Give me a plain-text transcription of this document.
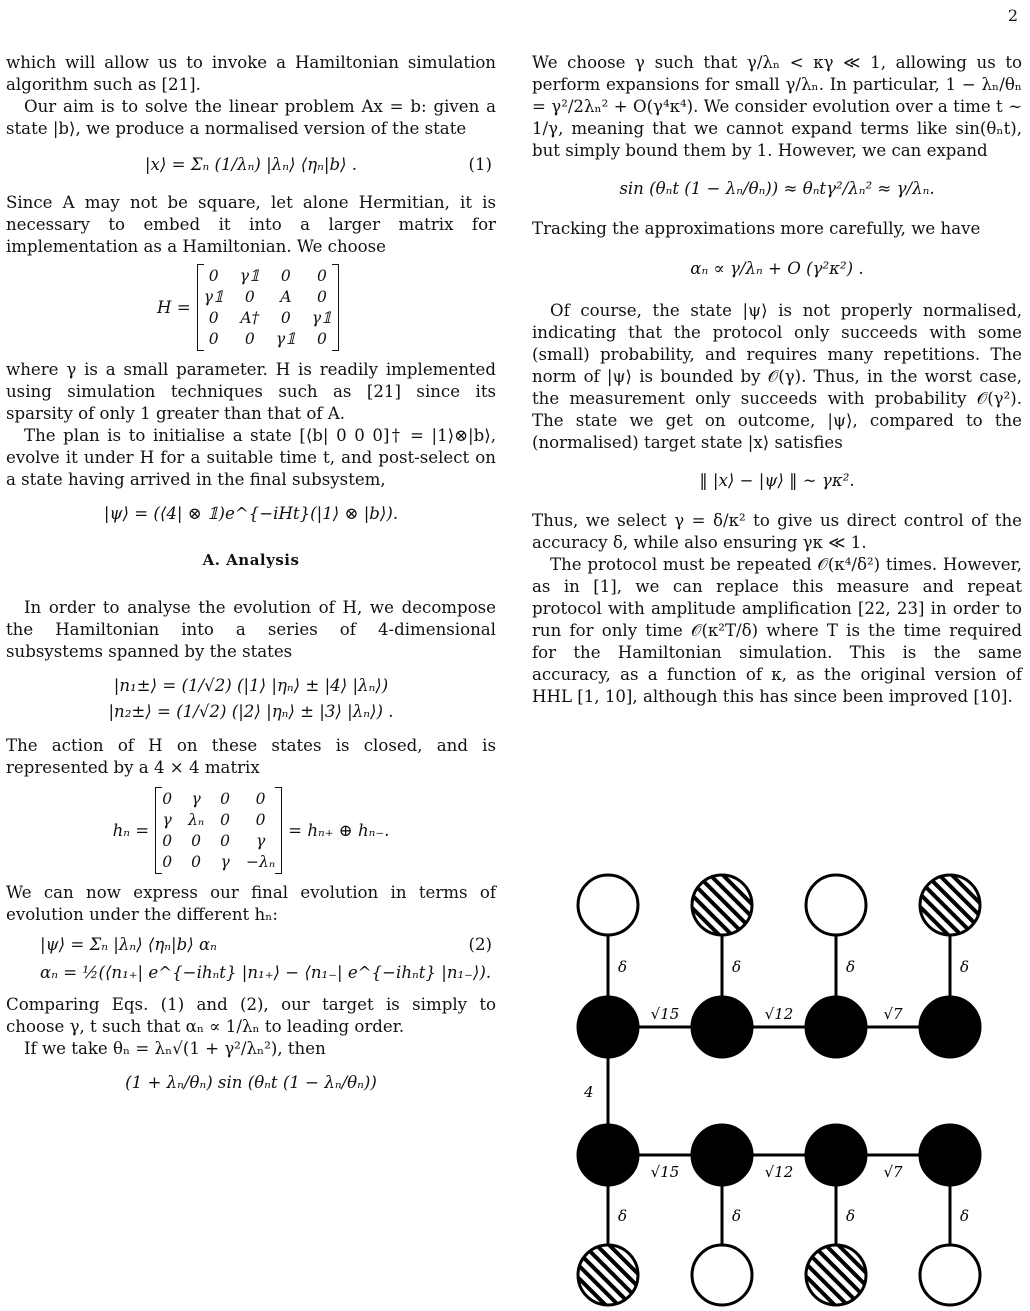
2

which will allow us to invoke a Hamiltonian simulation algorithm such as [21].

Our aim is to solve the linear problem Ax = b: given a state |b⟩, we produce a normalised version of the state

|x⟩ = Σₙ (1/λₙ) |λₙ⟩ ⟨ηₙ|b⟩ .	(1)

Since A may not be square, let alone Hermitian, it is necessary to embed it into a larger matrix for implementation as a Hamiltonian. We choose

H =
0	γ𝟙	0	0
γ𝟙	0	A	0
0	A†	0	γ𝟙
0	0	γ𝟙	0

where γ is a small parameter. H is readily implemented using simulation techniques such as [21] since its sparsity of only 1 greater than that of A.

The plan is to initialise a state [⟨b| 0 0 0]† = |1⟩⊗|b⟩, evolve it under H for a suitable time t, and post-select on a state having arrived in the final subsystem,

|ψ⟩ = (⟨4| ⊗ 𝟙)e^{−iHt}(|1⟩ ⊗ |b⟩).
A. Analysis

In order to analyse the evolution of H, we decompose the Hamiltonian into a series of 4-dimensional subsystems spanned by the states

|n₁±⟩ = (1/√2) (|1⟩ |ηₙ⟩ ± |4⟩ |λₙ⟩)
|n₂±⟩ = (1/√2) (|2⟩ |ηₙ⟩ ± |3⟩ |λₙ⟩) .

The action of H on these states is closed, and is represented by a 4 × 4 matrix

hₙ =
0 γ 0	0
γ λₙ 0	0
0 0 0	γ
0 0 γ −λₙ
= hₙ₊ ⊕ hₙ₋.

We can now express our final evolution in terms of evolution under the different hₙ:

|ψ⟩ = Σₙ |λₙ⟩ ⟨ηₙ|b⟩ αₙ	(2)
αₙ = ½(⟨n₁₊| e^{−ihₙt} |n₁₊⟩ − ⟨n₁₋| e^{−ihₙt} |n₁₋⟩).

Comparing Eqs. (1) and (2), our target is simply to choose γ, t such that αₙ ∝ 1/λₙ to leading order.

If we take θₙ = λₙ√(1 + γ²/λₙ²), then

(1 + λₙ/θₙ) sin (θₙt (1 − λₙ/θₙ))

We choose γ such that γ/λₙ < κγ ≪ 1, allowing us to perform expansions for small γ/λₙ. In particular, 1 − λₙ/θₙ = γ²/2λₙ² + O(γ⁴κ⁴). We consider evolution over a time t ∼ 1/γ, meaning that we cannot expand terms like sin(θₙt), but simply bound them by 1. However, we can expand

sin (θₙt (1 − λₙ/θₙ)) ≈ θₙtγ²/λₙ² ≈ γ/λₙ.

Tracking the approximations more carefully, we have

αₙ ∝ γ/λₙ + O (γ²κ²) .

Of course, the state |ψ⟩ is not properly normalised, indicating that the protocol only succeeds with some (small) probability, and requires many repetitions. The norm of |ψ⟩ is bounded by 𝒪(γ). Thus, in the worst case, the measurement only succeeds with probability 𝒪(γ²). The state we get on outcome, |ψ⟩, compared to the (normalised) target state |x⟩ satisfies

‖ |x⟩ − |ψ⟩ ‖ ∼ γκ².

Thus, we select γ = δ/κ² to give us direct control of the accuracy δ, while also ensuring γκ ≪ 1.

The protocol must be repeated 𝒪(κ⁴/δ²) times. However, as in [1], we can replace this measure and repeat protocol with amplitude amplification [22, 23] in order to run for only time 𝒪(κ²T/δ) where T is the time required for the Hamiltonian simulation. This is the same accuracy, as a function of κ, as the original version of HHL [1, 10], although this has since been improved [10].

δ
δ
δ
δ
δ
δ
δ
δ
√15
√15
√12
√12
√7
√7
4
